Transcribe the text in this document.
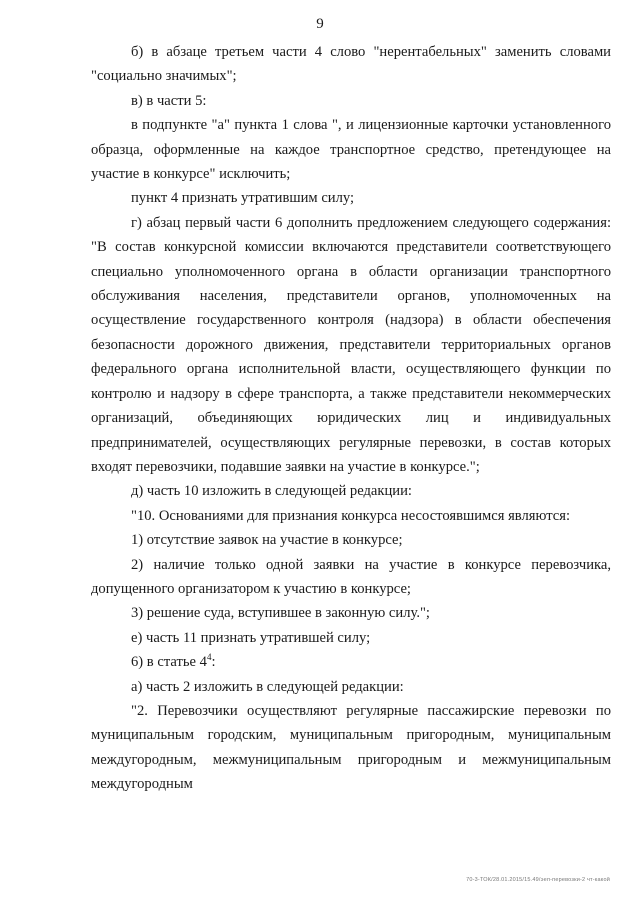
9

б) в абзаце третьем части 4 слово "нерентабельных" заменить словами "социально значимых";

в) в части 5:

в подпункте "а" пункта 1 слова ", и лицензионные карточки установленного образца, оформленные на каждое транспортное средство, претендующее на участие в конкурсе" исключить;

пункт 4 признать утратившим силу;

г) абзац первый части 6 дополнить предложением следующего содержания: "В состав конкурсной комиссии включаются представители соответствующего специально уполномоченного органа в области организации транспортного обслуживания населения, представители органов, уполномоченных на осуществление государственного контроля (надзора) в области обеспечения безопасности дорожного движения, представители территориальных органов федерального органа исполнительной власти, осуществляющего функции по контролю и надзору в сфере транспорта, а также представители некоммерческих организаций, объединяющих юридических лиц и индивидуальных предпринимателей, осуществляющих регулярные перевозки, в состав которых входят перевозчики, подавшие заявки на участие в конкурсе.";

д) часть 10 изложить в следующей редакции:

"10. Основаниями для признания конкурса несостоявшимся являются:

1) отсутствие заявок на участие в конкурсе;

2) наличие только одной заявки на участие в конкурсе перевозчика, допущенного организатором к участию в конкурсе;

3) решение суда, вступившее в законную силу.";

е) часть 11 признать утратившей силу;

6) в статье $4^4$:

а) часть 2 изложить в следующей редакции:

"2. Перевозчики осуществляют регулярные пассажирские перевозки по муниципальным городским, муниципальным пригородным, муниципальным междугородным, межмуниципальным пригородным и межмуниципальным междугородным

70-3-ТОК/28.01.2015/15.49/эеп-перевозки-2 чт-какой
